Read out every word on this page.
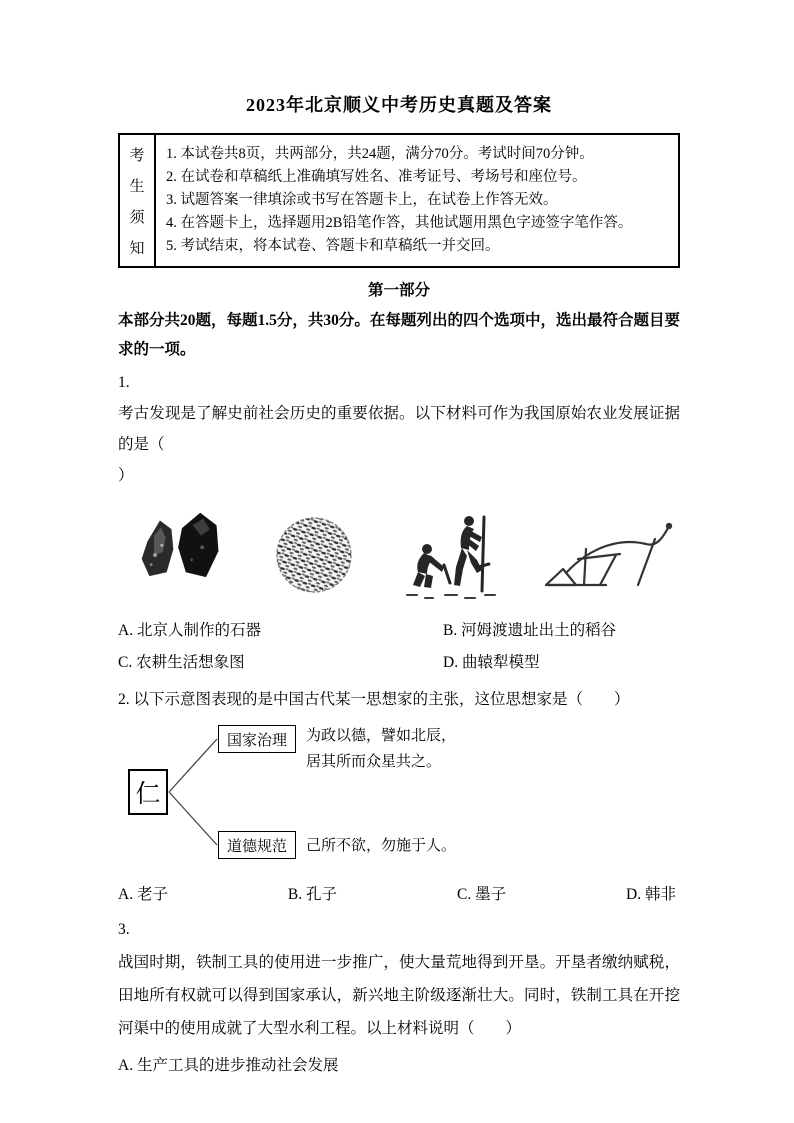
2023年北京顺义中考历史真题及答案
考
生
须
知
1. 本试卷共8页，共两部分，共24题，满分70分。考试时间70分钟。
2. 在试卷和草稿纸上准确填写姓名、准考证号、考场号和座位号。
3. 试题答案一律填涂或书写在答题卡上，在试卷上作答无效。
4. 在答题卡上，选择题用2B铅笔作答，其他试题用黑色字迹签字笔作答。
5. 考试结束，将本试卷、答题卡和草稿纸一并交回。
第一部分
本部分共20题，每题1.5分，共30分。在每题列出的四个选项中，选出最符合题目要求的一项。
1.
考古发现是了解史前社会历史的重要依据。以下材料可作为我国原始农业发展证据的是（
）
A. 北京人制作的石器	B. 河姆渡遗址出土的稻谷
C. 农耕生活想象图	D. 曲辕犁模型
2. 以下示意图表现的是中国古代某一思想家的主张，这位思想家是（　　）
仁
国家治理	为政以德，譬如北辰，
居其所而众星共之。
道德规范	己所不欲，勿施于人。
A. 老子	B. 孔子	C. 墨子	D. 韩非
3.
战国时期，铁制工具的使用进一步推广，使大量荒地得到开垦。开垦者缴纳赋税，田地所有权就可以得到国家承认，新兴地主阶级逐渐壮大。同时，铁制工具在开挖河渠中的使用成就了大型水利工程。以上材料说明（　　）
A. 生产工具的进步推动社会发展
